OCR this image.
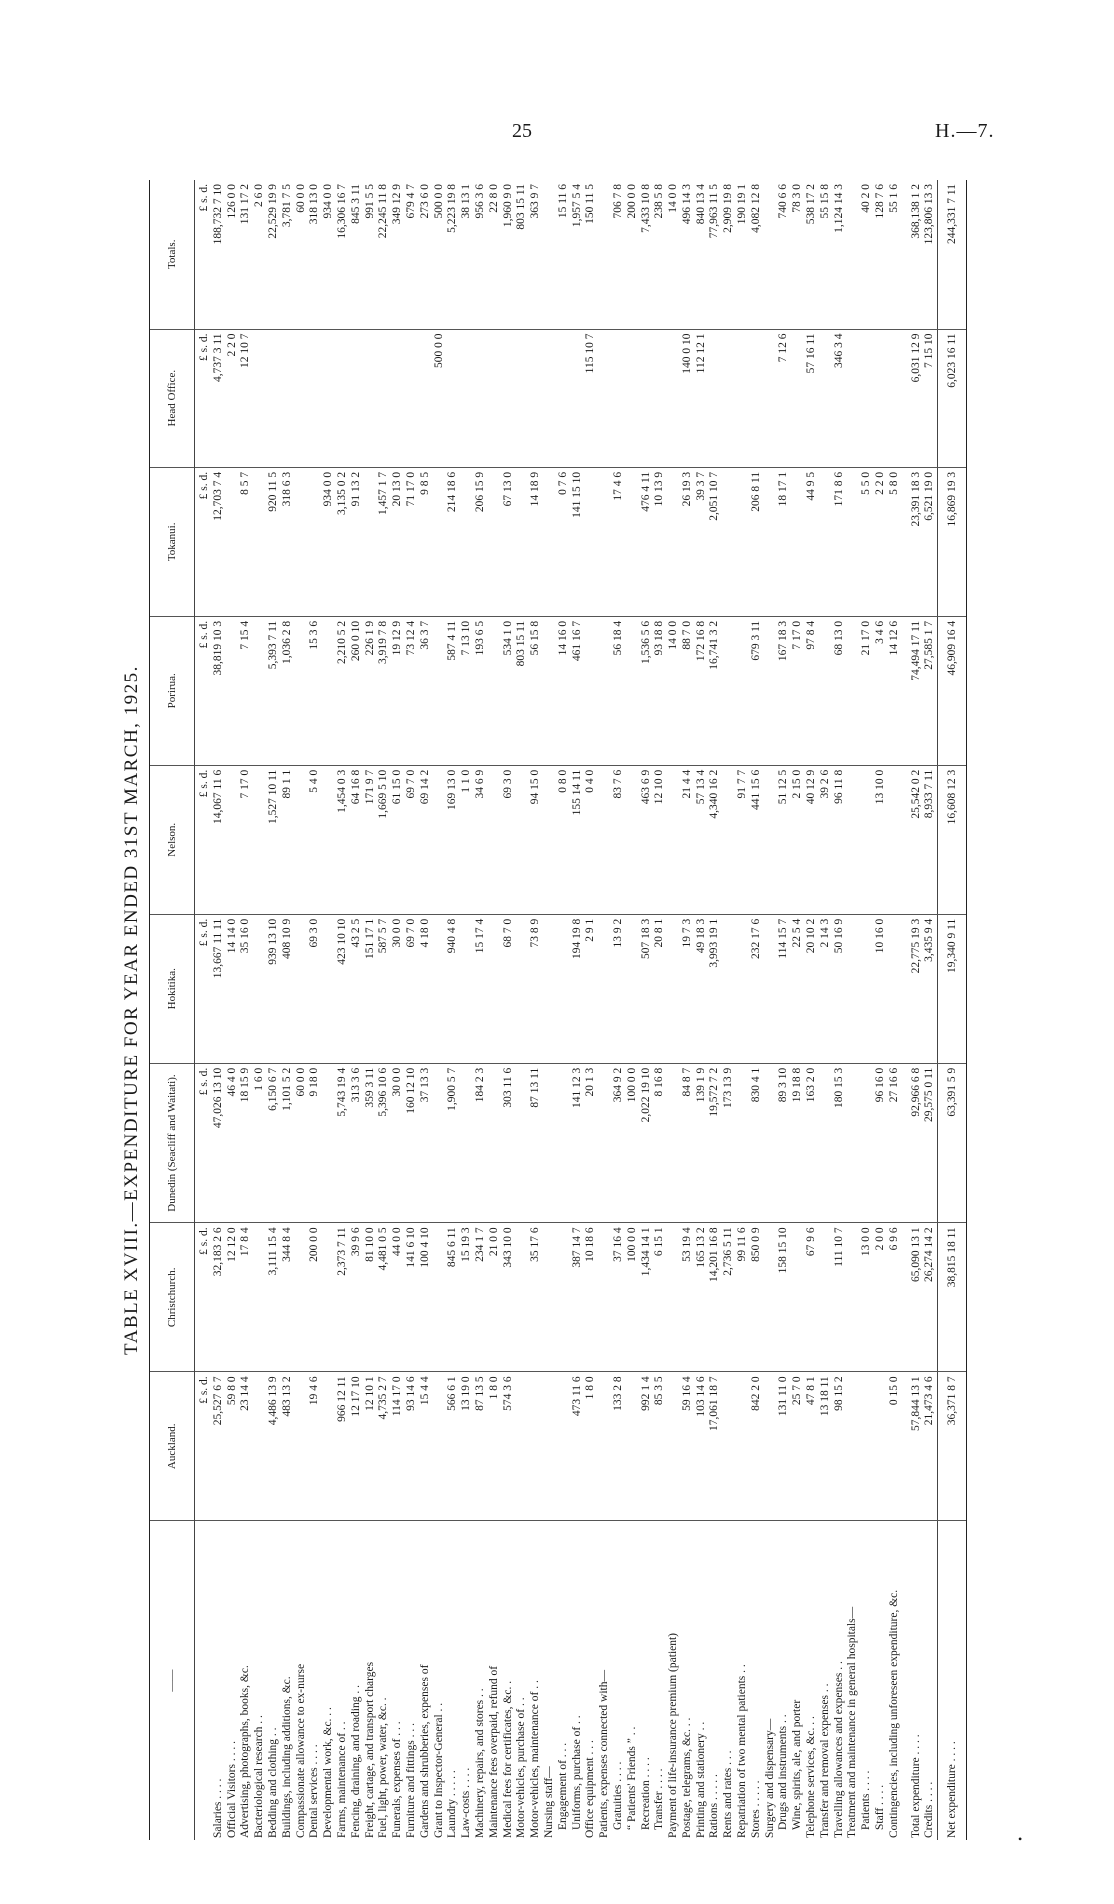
25	H.—7.
TABLE XVIII.—EXPENDITURE FOR YEAR ENDED 31ST MARCH, 1925.
——	Auckland.	Christchurch.	Dunedin (Seacliff and Waitati).	Hokitika.	Nelson.	Porirua.	Tokanui.	Head Office.	Totals.
	£ s. d.	£ s. d.	£ s. d.	£ s. d.	£ s. d.	£ s. d.	£ s. d.	£ s. d.	£ s. d.
Salaries . . . .	25,527 6 7	32,183 2 6	47,026 13 10	13,667 11 11	14,067 11 6	38,819 10 3	12,703 7 4	4,737 3 11	188,732 7 10
Official Visitors . . . .	59 8 0	12 12 0	46 4 0	14 14 0				2 2 0	126 0 0
Advertising, photographs, books, &c.	23 14 4	17 8 4	18 15 9	35 16 0	7 17 0	7 15 4	8 5 7	12 10 7	131 17 2
Bacteriological research . .			1 6 0						2 6 0
Bedding and clothing . .	4,486 13 9	3,111 15 4	6,150 6 7	939 13 10	1,527 10 11	5,393 7 11	920 11 5		22,529 19 9
Buildings, including additions, &c.	483 13 2	344 8 4	1,101 5 2	408 10 9	89 1 1	1,036 2 8	318 6 3		3,781 7 5
Compassionate allowance to ex-nurse			60 0 0						60 0 0
Dental services . . . .	19 4 6	200 0 0	9 18 0	69 3 0	5 4 0	15 3 6			318 13 0
Developmental work, &c. . .							934 0 0		934 0 0
Farms, maintenance of . .	966 12 11	2,373 7 11	5,743 19 4	423 10 10	1,454 0 3	2,210 5 2	3,135 0 2		16,306 16 7
Fencing, draining, and roading . .	12 17 10	39 9 6	313 3 6	43 2 5	64 16 8	260 0 10	91 13 2		845 3 11
Freight, cartage, and transport charges	12 10 1	81 10 0	359 3 11	151 17 1	171 9 7	226 1 9			991 5 5
Fuel, light, power, water, &c. .	4,735 2 7	4,481 0 5	5,396 10 6	587 5 7	1,669 5 10	3,919 7 8	1,457 1 7		22,245 11 8
Funerals, expenses of . . .	114 17 0	44 0 0	30 0 0	30 0 0	61 15 0	19 12 9	20 13 0		349 12 9
Furniture and fittings . . .	93 14 6	141 6 10	160 12 10	69 7 0	69 7 0	73 12 4	71 17 0		679 4 7
Gardens and shrubberies, expenses of	15 4 4	100 4 10	37 13 3	4 18 0	69 14 2	36 3 7	9 8 5		273 6 0
Grant to Inspector-General . .								500 0 0	500 0 0
Laundry . . . . .	566 6 1	845 6 11	1,900 5 7	940 4 8	169 13 0	587 4 11	214 18 6		5,223 19 8
Law-costs . . . .	13 19 0	15 19 3			1 1 0	7 13 10			38 13 1
Machinery, repairs, and stores . .	87 13 5	234 1 7	184 2 3	15 17 4	34 6 9	193 6 5	206 15 9		956 3 6
Maintenance fees overpaid, refund of	1 8 0	21 0 0							22 8 0
Medical fees for certificates, &c. .	574 3 6	343 10 0	303 11 6	68 7 0	69 3 0	534 1 0	67 13 0		1,960 9 0
Motor-vehicles, purchase of . .						803 15 11			803 15 11
Motor-vehicles, maintenance of . .		35 17 6	87 13 11	73 8 9	94 15 0	56 15 8	14 18 9		363 9 7
Nursing staff—									
Engagement of . . .					0 8 0	14 16 0	0 7 6		15 11 6
Uniforms, purchase of . .	473 11 6	387 14 7	141 12 3	194 19 8	155 14 11	461 16 7	141 15 10		1,957 5 4
Office equipment . . .	1 8 0	10 18 6	20 1 3	2 9 1	0 4 0			115 10 7	150 11 5
Patients, expenses connected with—									
Gratuities . . . .	133 2 8	37 16 4	364 9 2	13 9 2	83 7 6	56 18 4	17 4 6		706 7 8
“ Patients' Friends ” . .		100 0 0	100 0 0						200 0 0
Recreation . . . .	992 1 4	1,434 14 1	2,022 19 10	507 18 3	463 6 9	1,536 5 6	476 4 11		7,433 10 8
Transfer . . . .	85 3 5	6 15 1	8 16 8	20 8 1	12 10 0	93 18 8	10 13 9		238 5 8
Payment of life-insurance premium (patient)						14 0 0			14 0 0
Postage, telegrams, &c. . .	59 16 4	53 19 4	84 8 7	19 7 3	21 4 4	88 7 0	26 19 3	140 0 10	496 14 3
Printing and stationery . .	103 14 6	165 13 2	139 1 9	49 18 3	57 13 4	172 16 8	39 3 7	112 12 1	840 13 4
Rations . . . . .	17,061 18 7	14,201 16 8	19,572 7 2	3,993 19 1	4,340 16 2	16,741 3 2	2,051 10 7		77,963 11 5
Rents and rates . . .		2,736 5 11	173 13 9						2,909 19 8
Repatriation of two mental patients . .		99 11 6			91 7 7				190 19 1
Stores . . . . .	842 2 0	850 0 9	830 4 1	232 17 6	441 15 6	679 3 11	206 8 11		4,082 12 8
Surgery and dispensary—									
Drugs and instruments . .	131 11 0	158 15 10	89 3 10	114 15 7	51 12 5	167 18 3	18 17 1	7 12 6	740 6 6
Wine, spirits, ale, and porter	25 7 0		19 18 8	22 5 4	2 15 0	7 17 0			78 3 0
Telephone services, &c. . .	47 8 1	67 9 6	163 2 0	20 10 2	40 12 9	97 8 4	44 9 5	57 16 11	538 17 2
Transfer and removal expenses . .	13 18 11			2 14 3	39 2 6				55 15 8
Travelling allowances and expenses . .	98 15 2	111 10 7	180 15 3	50 16 9	96 11 8	68 13 0	171 8 6	346 3 4	1,124 14 3
Treatment and maintenance in general hospitals—									
Patients . . . .		13 0 0				21 17 0	5 5 0		40 2 0
Staff . . . .		2 0 0	96 16 0	10 16 0	13 10 0	3 4 6	2 2 0		128 7 6
Contingencies, including unforeseen expenditure, &c.	0 15 0	6 9 6	27 16 6			14 12 6	5 8 0		55 1 6
Total expenditure . . . .	57,844 13 1	65,090 13 1	92,966 6 8	22,775 19 3	25,542 0 2	74,494 17 11	23,391 18 3	6,031 12 9	368,138 1 2
Credits . . . .	21,473 4 6	26,274 14 2	29,575 0 11	3,435 9 4	8,933 7 11	27,585 1 7	6,521 19 0	7 15 10	123,806 13 3
Net expenditure . . . .	36,371 8 7	38,815 18 11	63,391 5 9	19,340 9 11	16,608 12 3	46,909 16 4	16,869 19 3	6,023 16 11	244,331 7 11

•
